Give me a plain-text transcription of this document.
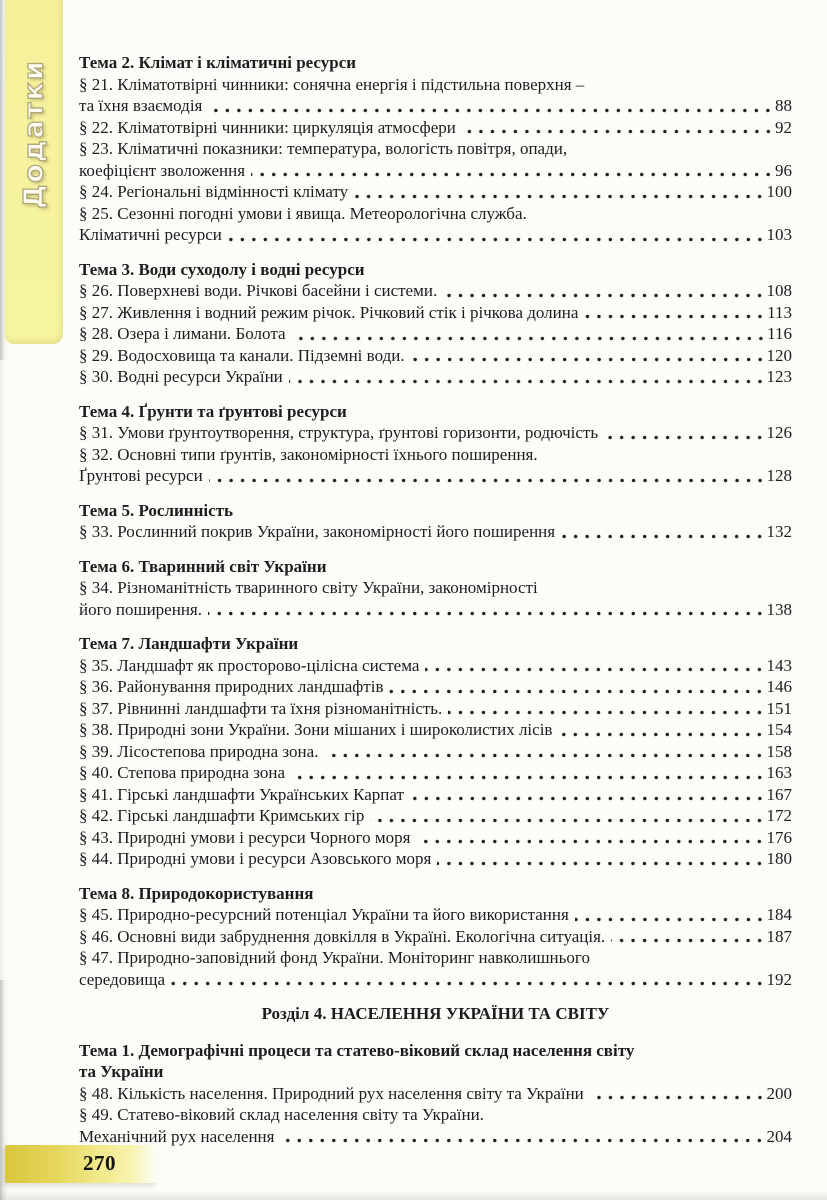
Додатки Тема 2. Клімат і кліматичні ресурси
§ 21. Кліматотвірні чинники: сонячна енергія і підстильна поверхня –
та їхня взаємодія	88
§ 22. Кліматотвірні чинники: циркуляція атмосфери	92
§ 23. Кліматичні показники: температура, вологість повітря, опади,
коефіцієнт зволоження	96
§ 24. Регіональні відмінності клімату	100
§ 25. Сезонні погодні умови і явища. Метеорологічна служба.
Кліматичні ресурси	103
Тема 3. Води суходолу і водні ресурси
§ 26. Поверхневі води. Річкові басейни і системи.	108
§ 27. Живлення і водний режим річок. Річковий стік і річкова долина	113
§ 28. Озера і лимани. Болота	116
§ 29. Водосховища та канали. Підземні води.	120
§ 30. Водні ресурси України	123
Тема 4. Ґрунти та ґрунтові ресурси
§ 31. Умови ґрунтоутворення, структура, ґрунтові горизонти, родючість	126
§ 32. Основні типи ґрунтів, закономірності їхнього поширення.
Ґрунтові ресурси	128
Тема 5. Рослинність
§ 33. Рослинний покрив України, закономірності його поширення	132
Тема 6. Тваринний світ України
§ 34. Різноманітність тваринного світу України, закономірності
його поширення.	138
Тема 7. Ландшафти України
§ 35. Ландшафт як просторово-цілісна система	143
§ 36. Районування природних ландшафтів	146
§ 37. Рівнинні ландшафти та їхня різноманітність.	151
§ 38. Природні зони України. Зони мішаних і широколистих лісів	154
§ 39. Лісостепова природна зона.	158
§ 40. Степова природна зона	163
§ 41. Гірські ландшафти Українських Карпат	167
§ 42. Гірські ландшафти Кримських гір	172
§ 43. Природні умови і ресурси Чорного моря	176
§ 44. Природні умови і ресурси Азовського моря	180
Тема 8. Природокористування
§ 45. Природно-ресурсний потенціал України та його використання	184
§ 46. Основні види забруднення довкілля в Україні. Екологічна ситуація.	187
§ 47. Природно-заповідний фонд України. Моніторинг навколишнього
середовища	192
Розділ 4. НАСЕЛЕННЯ УКРАЇНИ ТА СВІТУ
Тема 1. Демографічні процеси та статево-віковий склад населення світу
та України
§ 48. Кількість населення. Природний рух населення світу та України	200
§ 49. Статево-віковий склад населення світу та України.
Механічний рух населення	204
270
